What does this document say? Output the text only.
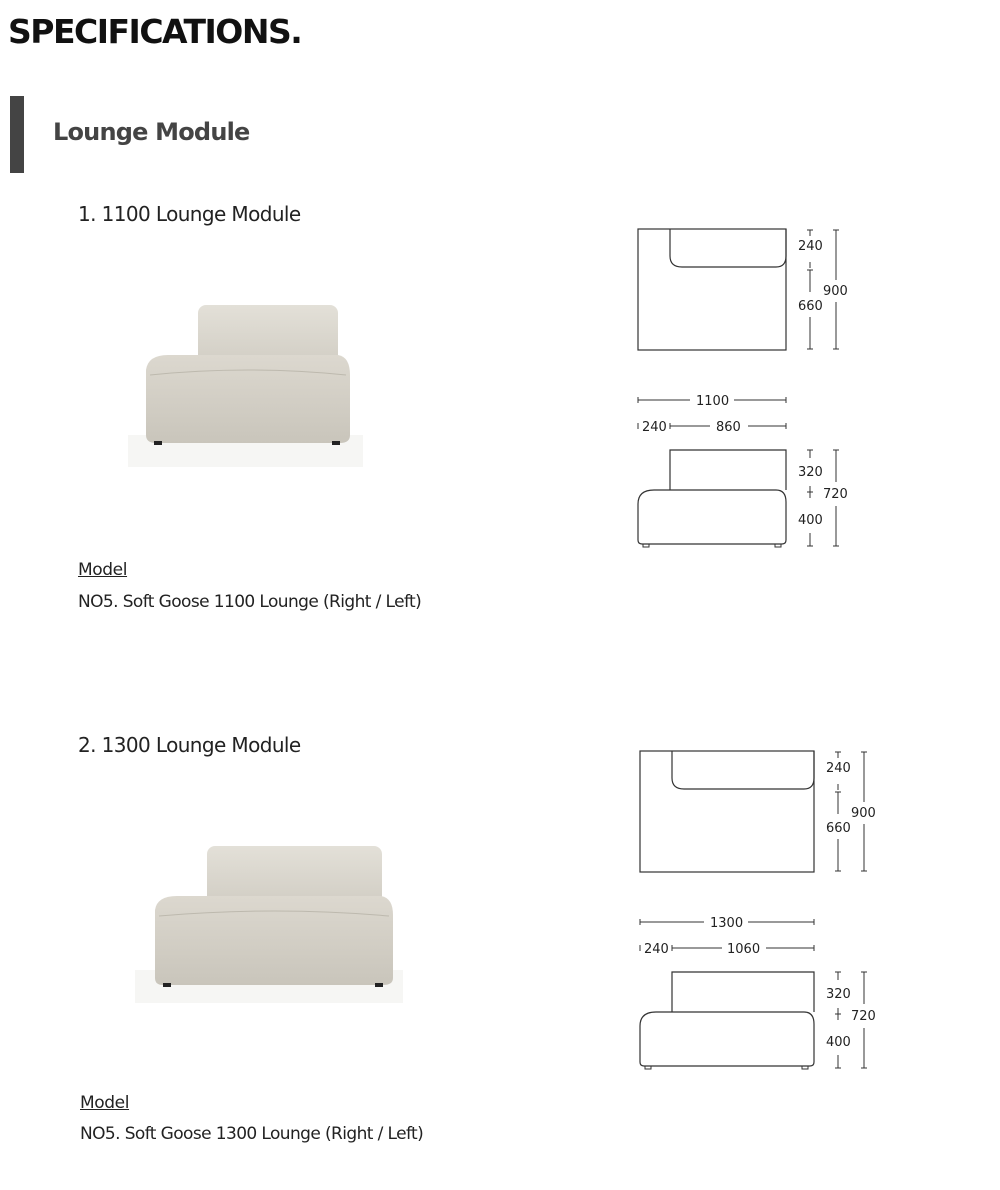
SPECIFICATIONS.
Lounge Module
1. 1100 Lounge Module
240
660
900
1100
240	860
320
400
720
Model
NO5. Soft Goose 1100 Lounge (Right / Left)
2. 1300 Lounge Module
240
660
900
1300
240	1060
320
400
720
Model
NO5. Soft Goose 1300 Lounge (Right / Left)
